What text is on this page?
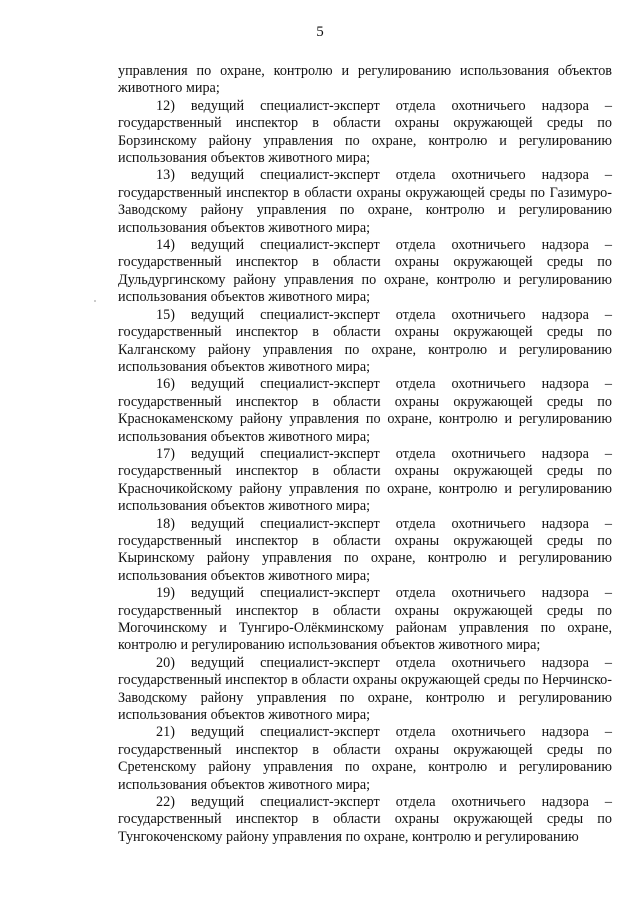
5

управления по охране, контролю и регулированию использования объектов животного мира;

12) ведущий специалист-эксперт отдела охотничьего надзора – государственный инспектор в области охраны окружающей среды по Борзинскому району управления по охране, контролю и регулированию использования объектов животного мира;

13) ведущий специалист-эксперт отдела охотничьего надзора – государственный инспектор в области охраны окружающей среды по Газимуро-Заводскому району управления по охране, контролю и регулированию использования объектов животного мира;

14) ведущий специалист-эксперт отдела охотничьего надзора – государственный инспектор в области охраны окружающей среды по Дульдургинскому району управления по охране, контролю и регулированию использования объектов животного мира;

15) ведущий специалист-эксперт отдела охотничьего надзора – государственный инспектор в области охраны окружающей среды по Калганскому району управления по охране, контролю и регулированию использования объектов животного мира;

16) ведущий специалист-эксперт отдела охотничьего надзора – государственный инспектор в области охраны окружающей среды по Краснокаменскому району управления по охране, контролю и регулированию использования объектов животного мира;

17) ведущий специалист-эксперт отдела охотничьего надзора – государственный инспектор в области охраны окружающей среды по Красночикойскому району управления по охране, контролю и регулированию использования объектов животного мира;

18) ведущий специалист-эксперт отдела охотничьего надзора – государственный инспектор в области охраны окружающей среды по Кыринскому району управления по охране, контролю и регулированию использования объектов животного мира;

19) ведущий специалист-эксперт отдела охотничьего надзора – государственный инспектор в области охраны окружающей среды по Могочинскому и Тунгиро-Олёкминскому районам управления по охране, контролю и регулированию использования объектов животного мира;

20) ведущий специалист-эксперт отдела охотничьего надзора – государственный инспектор в области охраны окружающей среды по Нерчинско-Заводскому району управления по охране, контролю и регулированию использования объектов животного мира;

21) ведущий специалист-эксперт отдела охотничьего надзора – государственный инспектор в области охраны окружающей среды по Сретенскому району управления по охране, контролю и регулированию использования объектов животного мира;

22) ведущий специалист-эксперт отдела охотничьего надзора – государственный инспектор в области охраны окружающей среды по Тунгокоченскому району управления по охране, контролю и регулированию
